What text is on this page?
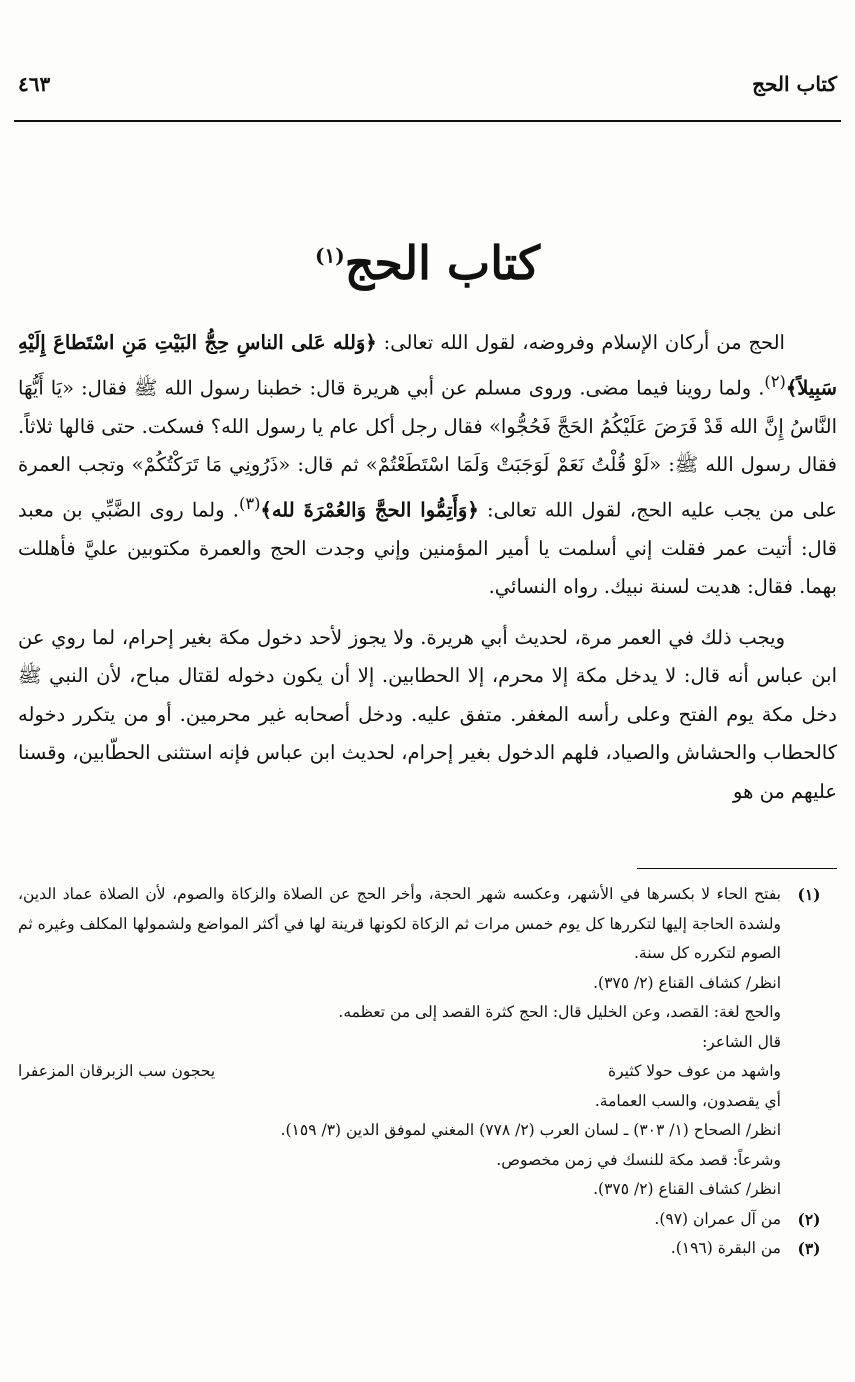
كتاب الحج
٤٦٣
كتاب الحج$^{(١)}$

الحج من أركان الإسلام وفروضه، لقول الله تعالى: ﴿وَلله عَلى الناسِ حِجُّ البَيْتِ مَنِ اسْتَطاعَ إِلَيْهِ سَبِيلاً﴾$^{(٢)}$. ولما روينا فيما مضى. وروى مسلم عن أبي هريرة قال: خطبنا رسول الله ﷺ فقال: «يَا أَيُّهَا النَّاسُ إِنَّ الله قَدْ فَرَضَ عَلَيْكُمُ الحَجَّ فَحُجُّوا» فقال رجل أكل عام يا رسول الله؟ فسكت. حتى قالها ثلاثاً. فقال رسول الله ﷺ: «لَوْ قُلْتُ نَعَمْ لَوَجَبَتْ وَلَمَا اسْتَطَعْتُمْ» ثم قال: «ذَرُونِي مَا تَرَكْتُكُمْ» وتجب العمرة على من يجب عليه الحج، لقول الله تعالى: ﴿وَأَتِمُّوا الحجَّ وَالعُمْرَةَ لله﴾$^{(٣)}$. ولما روى الضَّبِّي بن معبد قال: أتيت عمر فقلت إني أسلمت يا أمير المؤمنين وإني وجدت الحج والعمرة مكتوبين عليَّ فأهللت بهما. فقال: هديت لسنة نبيك. رواه النسائي.

ويجب ذلك في العمر مرة، لحديث أبي هريرة. ولا يجوز لأحد دخول مكة بغير إحرام، لما روي عن ابن عباس أنه قال: لا يدخل مكة إلا محرم، إلا الحطابين. إلا أن يكون دخوله لقتال مباح، لأن النبي ﷺ دخل مكة يوم الفتح وعلى رأسه المغفر. متفق عليه. ودخل أصحابه غير محرمين. أو من يتكرر دخوله كالحطاب والحشاش والصياد، فلهم الدخول بغير إحرام، لحديث ابن عباس فإنه استثنى الحطّابين، وقسنا عليهم من هو

(١)
بفتح الحاء لا بكسرها في الأشهر، وعكسه شهر الحجة، وأخر الحج عن الصلاة والزكاة والصوم، لأن الصلاة عماد الدين، ولشدة الحاجة إليها لتكررها كل يوم خمس مرات ثم الزكاة لكونها قرينة لها في أكثر المواضع ولشمولها المكلف وغيره ثم الصوم لتكرره كل سنة.
انظر/ كشاف القناع (٢/ ٣٧٥).
والحج لغة: القصد، وعن الخليل قال: الحج كثرة القصد إلى من تعظمه.
قال الشاعر:
واشهد من عوف حولا كثيرة
يحجون سب الزبرقان المزعفرا
أي يقصدون، والسب العمامة.
انظر/ الصحاح (١/ ٣٠٣) ـ لسان العرب (٢/ ٧٧٨) المغني لموفق الدين (٣/ ١٥٩).
وشرعاً: قصد مكة للنسك في زمن مخصوص.
انظر/ كشاف القناع (٢/ ٣٧٥).
(٢)
من آل عمران (٩٧).
(٣)
من البقرة (١٩٦).
